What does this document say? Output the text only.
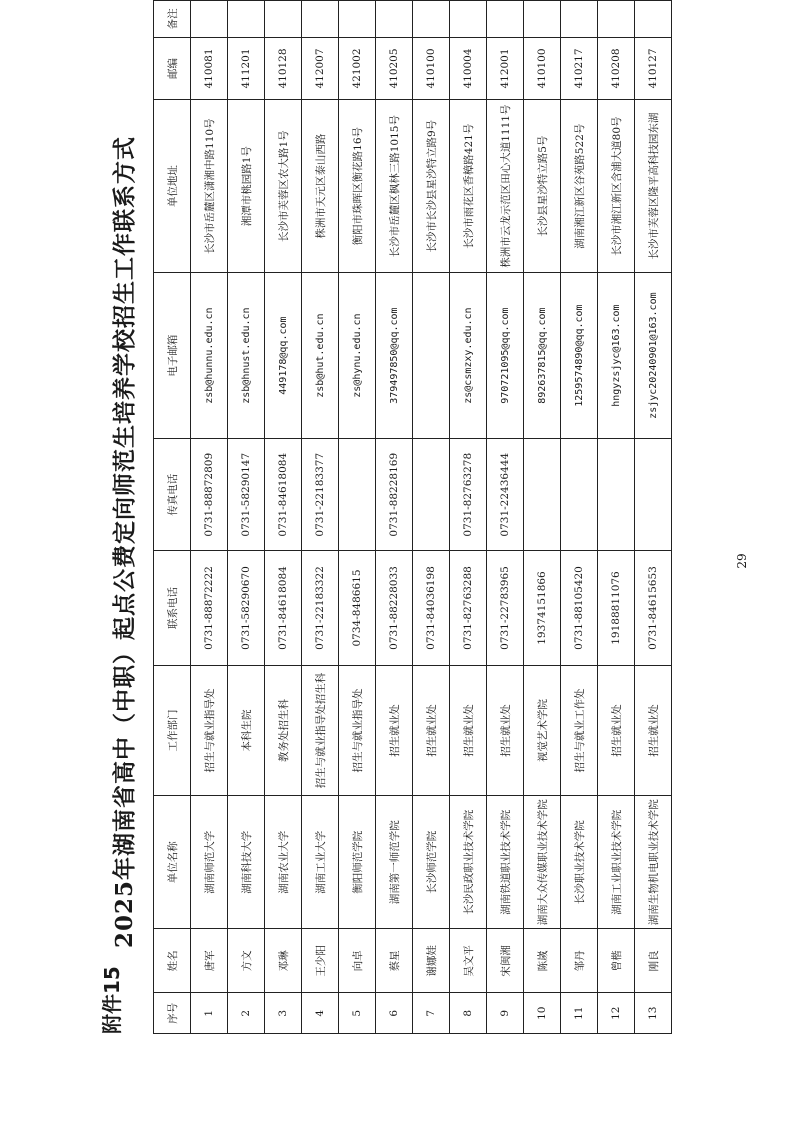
附件15
2025年湖南省高中（中职）起点公费定向师范生培养学校招生工作联系方式
序号	姓名	单位名称	工作部门	联系电话	传真电话	电子邮箱	单位地址	邮编	备注
1	唐军	湖南师范大学	招生与就业指导处	0731-88872222	0731-88872809	zsb@hunnu.edu.cn	长沙市岳麓区潇湘中路110号	410081	
2	方文	湖南科技大学	本科生院	0731-58290670	0731-58290147	zsb@hnust.edu.cn	湘潭市桃园路1号	411201	
3	邓琳	湖南农业大学	教务处招生科	0731-84618084	0731-84618084	449178@qq.com	长沙市芙蓉区农大路1号	410128	
4	王少阳	湖南工业大学	招生与就业指导处招生科	0731-22183322	0731-22183377	zsb@hut.edu.cn	株洲市天元区泰山西路	412007	
5	向卓	衡阳师范学院	招生与就业指导处	0734-8486615		zs@hynu.edu.cn	衡阳市珠晖区衡花路16号	421002	
6	蔡星	湖南第一师范学院	招生就业处	0731-88228033	0731-88228169	379497850@qq.com	长沙市岳麓区枫林三路1015号	410205	
7	谢娜娃	长沙师范学院	招生就业处	0731-84036198			长沙市长沙县星沙特立路9号	410100	
8	吴文平	长沙民政职业技术学院	招生就业处	0731-82763288	0731-82763278	zs@csmzxy.edu.cn	长沙市雨花区香樟路421号	410004	
9	宋闽湘	湖南铁道职业技术学院	招生就业处	0731-22783965	0731-22436444	970721095@qq.com	株洲市云龙示范区田心大道1111号	412001	
10	陈嵗	湖南大众传媒职业技术学院	视觉艺术学院	19374151866		892637815@qq.com	长沙县星沙特立路5号	410100	
11	邹丹	长沙职业技术学院	招生与就业工作处	0731-88105420		1259574890@qq.com	湖南湘江新区谷苑路522号	410217	
12	曾楷	湖南工业职业技术学院	招生就业处	19188811076		hngyzsjyc@163.com	长沙市湘江新区含浦大道80号	410208	
13	刚良	湖南生物机电职业技术学院	招生就业处	0731-84615653		zsjyc20240901@163.com	长沙市芙蓉区隆平高科技园东湖	410127	
29
